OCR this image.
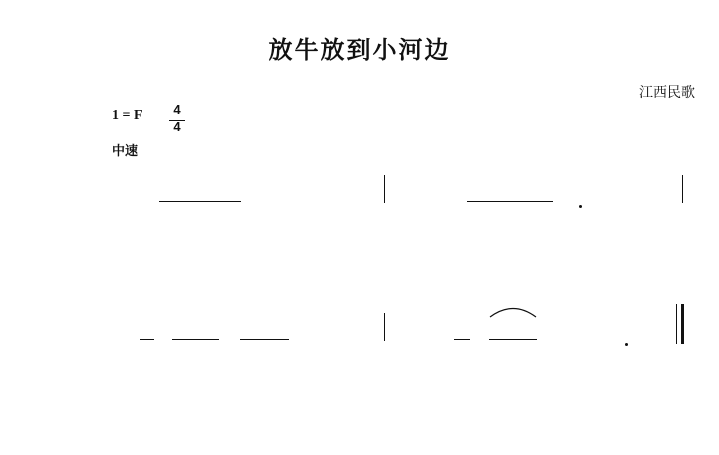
放牛放到小河边
江西民歌
1 = F	4
4
中速
